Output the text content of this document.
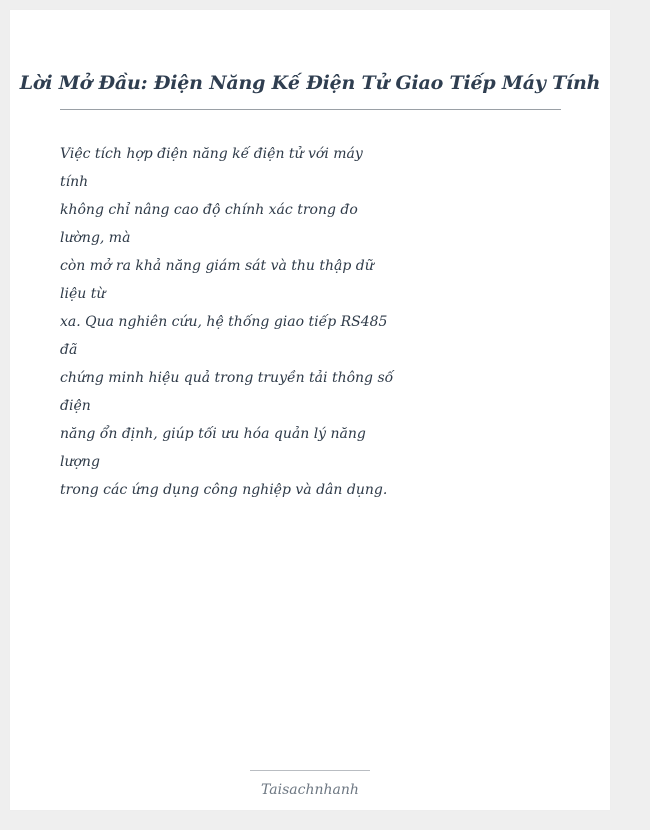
Lời Mở Đầu: Điện Năng Kế Điện Tử Giao Tiếp Máy Tính
Việc tích hợp điện năng kế điện tử với máy
tính
không chỉ nâng cao độ chính xác trong đo
lường, mà
còn mở ra khả năng giám sát và thu thập dữ
liệu từ
xa. Qua nghiên cứu, hệ thống giao tiếp RS485
đã
chứng minh hiệu quả trong truyền tải thông số
điện
năng ổn định, giúp tối ưu hóa quản lý năng
lượng
trong các ứng dụng công nghiệp và dân dụng.
Taisachnhanh
